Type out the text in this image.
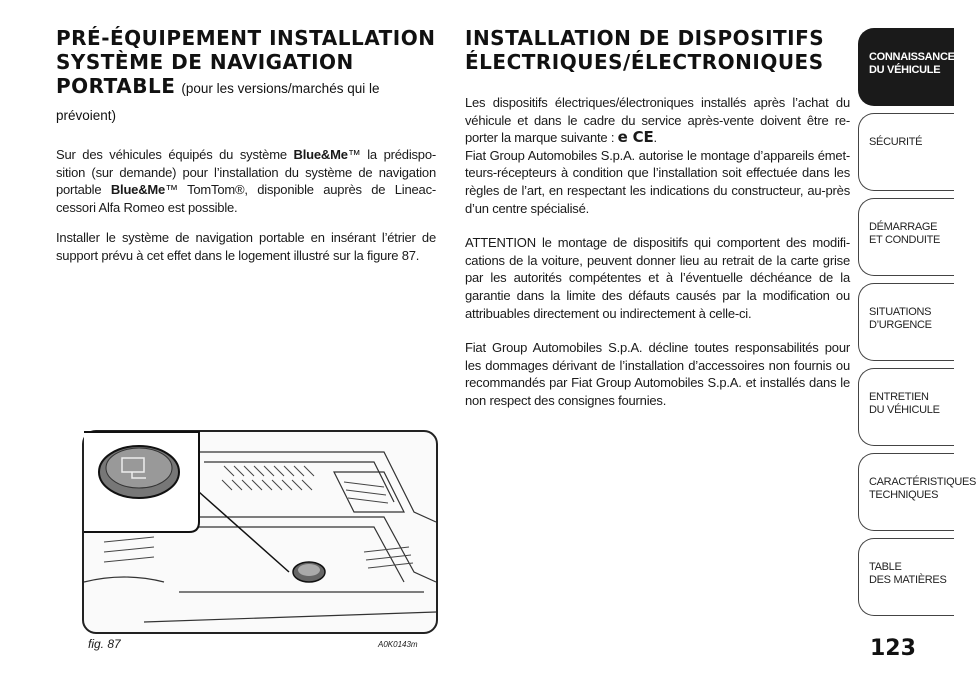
PRÉ-ÉQUIPEMENT INSTALLATION
SYSTÈME DE NAVIGATION
PORTABLE (pour les versions/marchés qui le prévoient)

Sur des véhicules équipés du système Blue&Me™ la prédispo-sition (sur demande) pour l’installation du système de navigation portable Blue&Me™ TomTom®, disponible auprès de Lineac-cessori Alfa Romeo est possible.

Installer le système de navigation portable en insérant l’étrier de support prévu à cet effet dans le logement illustré sur la figure 87.

INSTALLATION DE DISPOSITIFS
ÉLECTRIQUES/ÉLECTRONIQUES

Les dispositifs électriques/électroniques installés après l’achat du véhicule et dans le cadre du service après-vente doivent être re-porter la marque suivante : e CE.

Fiat Group Automobiles S.p.A. autorise le montage d’appareils émet-teurs-récepteurs à condition que l’installation soit effectuée dans les règles de l’art, en respectant les indications du constructeur, au-près d’un centre spécialisé.

ATTENTION le montage de dispositifs qui comportent des modifi-cations de la voiture, peuvent donner lieu au retrait de la carte grise par les autorités compétentes et à l’éventuelle déchéance de la garantie dans la limite des défauts causés par la modification ou attribuables directement ou indirectement à celle-ci.

Fiat Group Automobiles S.p.A. décline toutes responsabilités pour les dommages dérivant de l’installation d’accessoires non fournis ou recommandés par Fiat Group Automobiles S.p.A. et installés dans le non respect des consignes fournies.

fig. 87	A0K0143m
CONNAISSANCE
DU VÉHICULE
SÉCURITÉ
DÉMARRAGE
ET CONDUITE
SITUATIONS
D’URGENCE
ENTRETIEN
DU VÉHICULE
CARACTÉRISTIQUES
TECHNIQUES
TABLE
DES MATIÈRES
123
